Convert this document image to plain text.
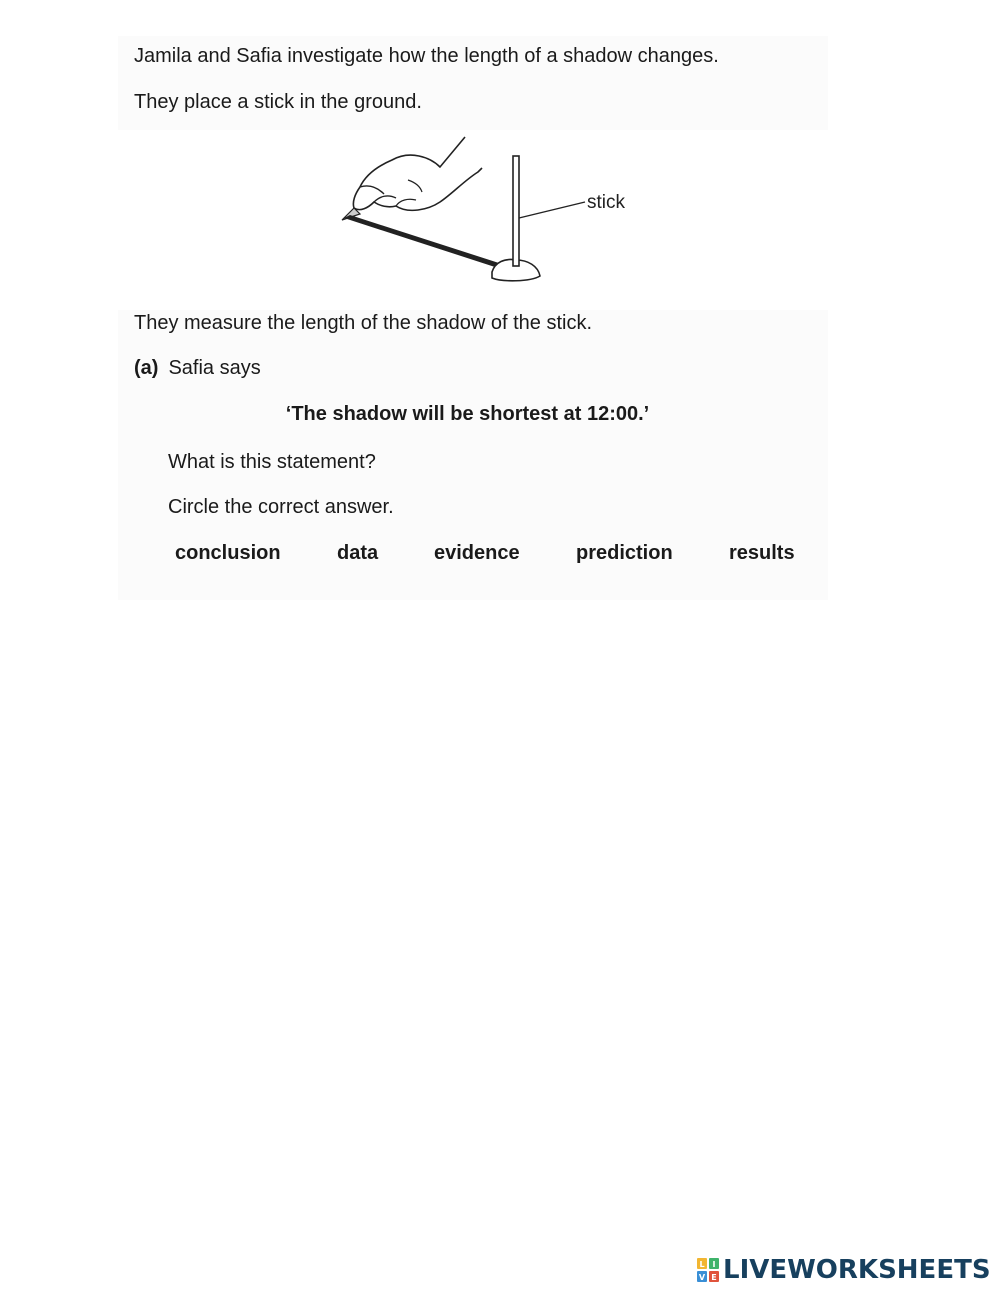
Jamila and Safia investigate how the length of a shadow changes.
They place a stick in the ground.
stick
They measure the length of the shadow of the stick.
(a) Safia says
‘The shadow will be shortest at 12:00.’
What is this statement?
Circle the correct answer.
conclusion	data	evidence	prediction	results
L I
V E LIVEWORKSHEETS
